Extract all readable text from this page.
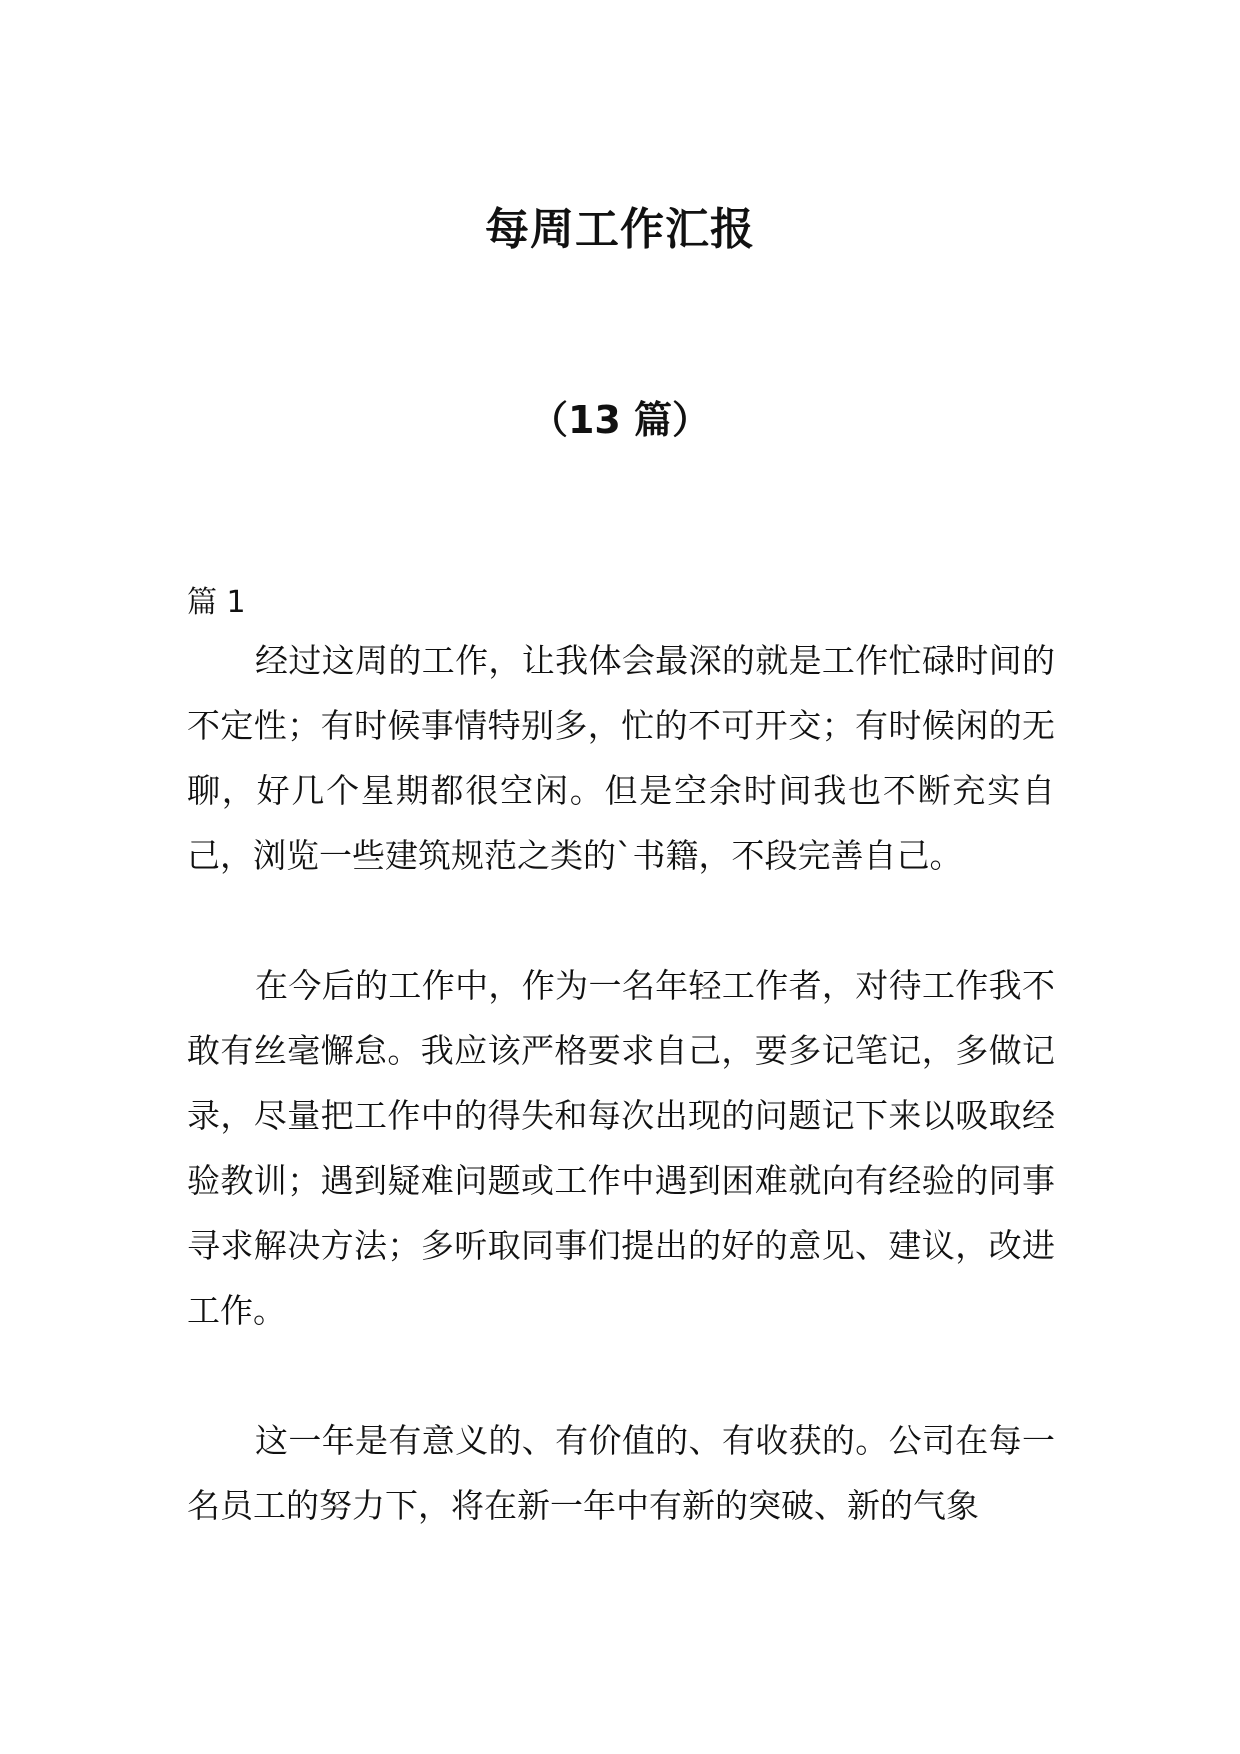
每周工作汇报
（13 篇）

篇 1

经过这周的工作，让我体会最深的就是工作忙碌时间的不定性；有时候事情特别多，忙的不可开交；有时候闲的无聊，好几个星期都很空闲。但是空余时间我也不断充实自己，浏览一些建筑规范之类的`书籍，不段完善自己。

在今后的工作中，作为一名年轻工作者，对待工作我不敢有丝毫懈怠。我应该严格要求自己，要多记笔记，多做记录，尽量把工作中的得失和每次出现的问题记下来以吸取经验教训；遇到疑难问题或工作中遇到困难就向有经验的同事寻求解决方法；多听取同事们提出的好的意见、建议，改进工作。

这一年是有意义的、有价值的、有收获的。公司在每一名员工的努力下，将在新一年中有新的突破、新的气象
